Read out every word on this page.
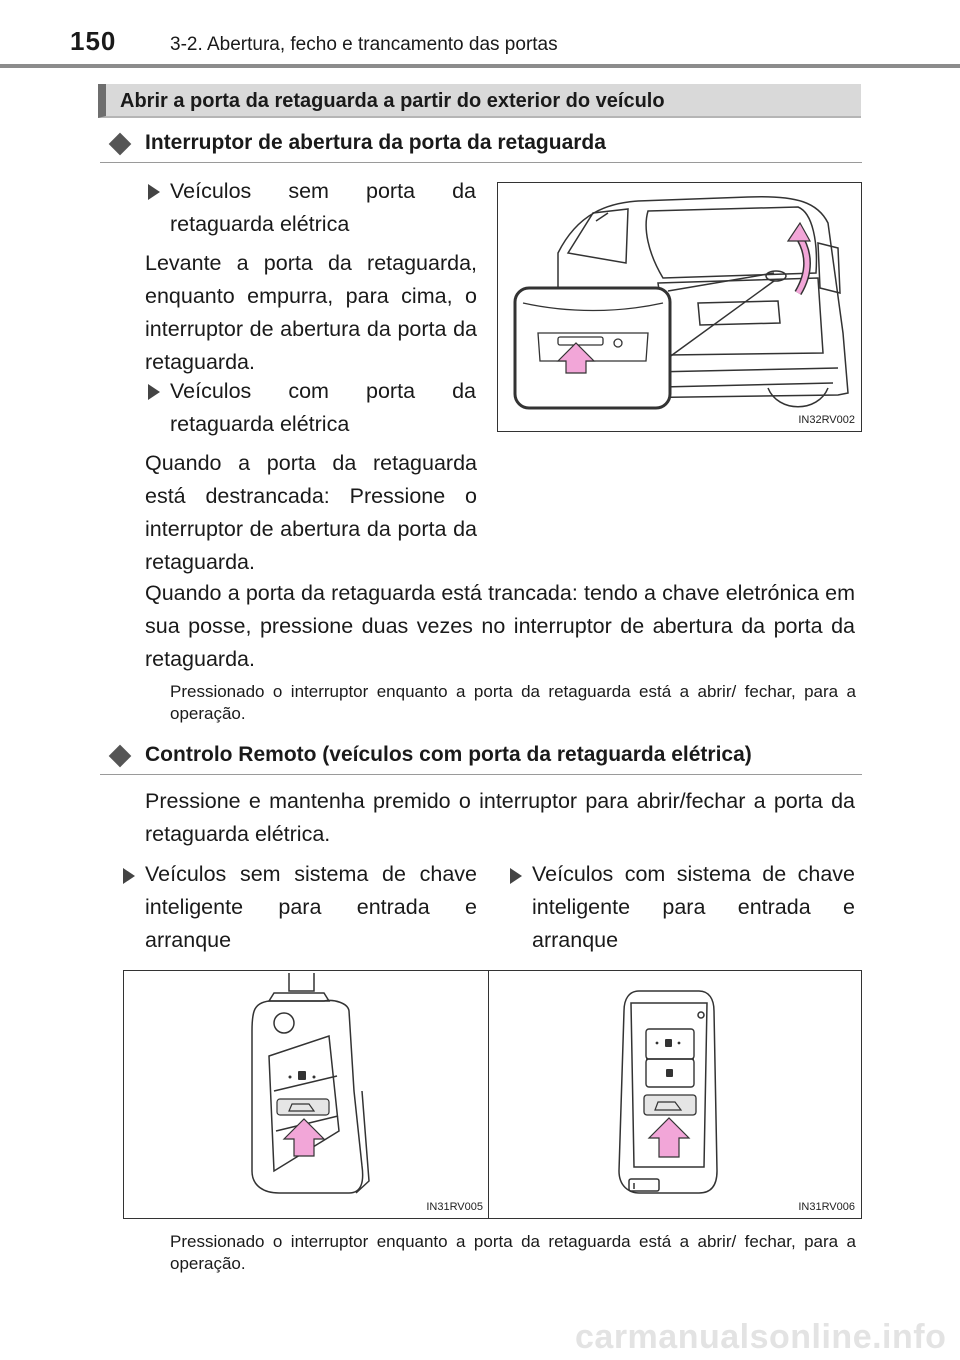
150	3-2. Abertura, fecho e trancamento das portas
Abrir a porta da retaguarda a partir do exterior do veículo
Interruptor de abertura da porta da retaguarda
Veículos sem porta da retaguarda elétrica
Levante a porta da retaguarda, enquanto empurra, para cima, o interruptor de abertura da porta da retaguarda.
Veículos com porta da retaguarda elétrica
Quando a porta da retaguarda está destrancada: Pressione o interruptor de abertura da porta da retaguarda.
Quando a porta da retaguarda está trancada: tendo a chave eletrónica em sua posse, pressione duas vezes no interruptor de abertura da porta da retaguarda.
Pressionado o interruptor enquanto a porta da retaguarda está a abrir/ fechar, para a operação.
IN32RV002
Controlo Remoto (veículos com porta da retaguarda elétrica)
Pressione e mantenha premido o interruptor para abrir/fechar a porta da retaguarda elétrica.
Veículos sem sistema de chave inteligente para entrada e arranque
Veículos com sistema de chave inteligente para entrada e arranque
IN31RV005	IN31RV006
Pressionado o interruptor enquanto a porta da retaguarda está a abrir/ fechar, para a operação.
carmanualsonline.info
